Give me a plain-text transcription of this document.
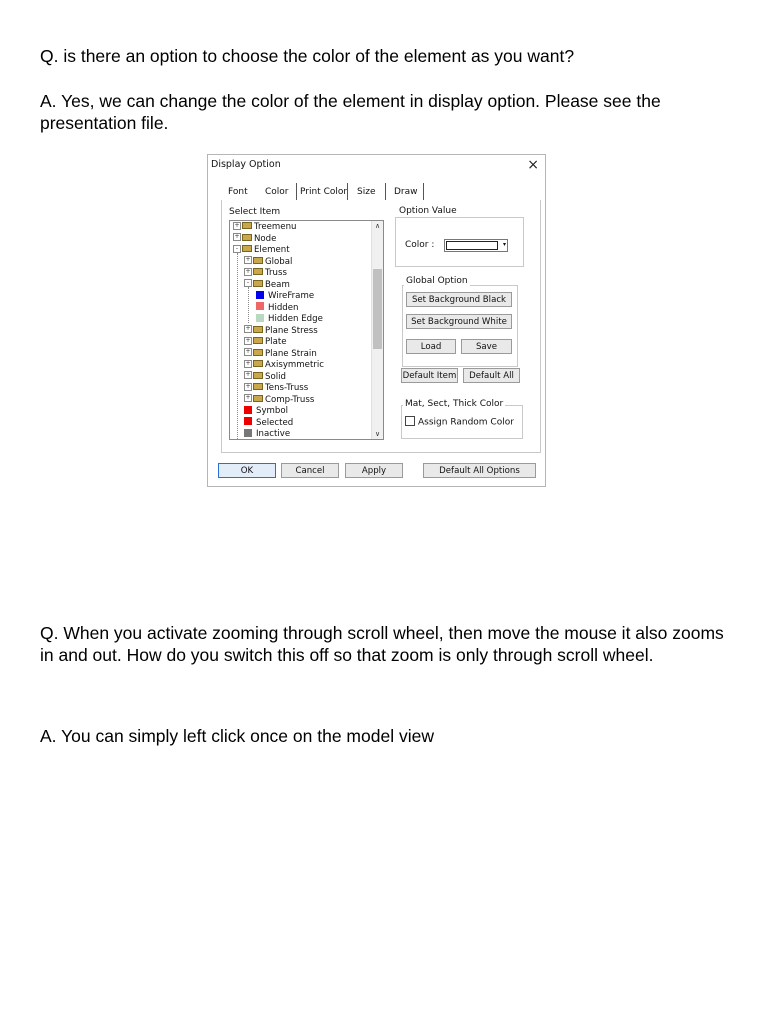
Q. is there an option to choose the color of the element as you want?

A. Yes, we can change the color of the element in display option. Please see the presentation file.

Display Option	×
Font Color Print Color Size Draw
Select Item
∧
∨
+ Treemenu
+ Node
- Element
+ Global
+ Truss
- Beam
WireFrame
Hidden
Hidden Edge
+ Plane Stress
+ Plate
+ Plane Strain
+ Axisymmetric
+ Solid
+ Tens-Truss
+ Comp-Truss
Symbol
Selected
Inactive
Option Value
Color :	▾
Global Option
Set Background Black
Set Background White
Load	Save
Default Item	Default All
Mat, Sect, Thick Color
Assign Random Color
OK	Cancel	Apply	Default All Options

Q. When you activate zooming through scroll wheel, then move the mouse it also zooms in and out. How do you switch this off so that zoom is only through scroll wheel.

A. You can simply left click once on the model view
